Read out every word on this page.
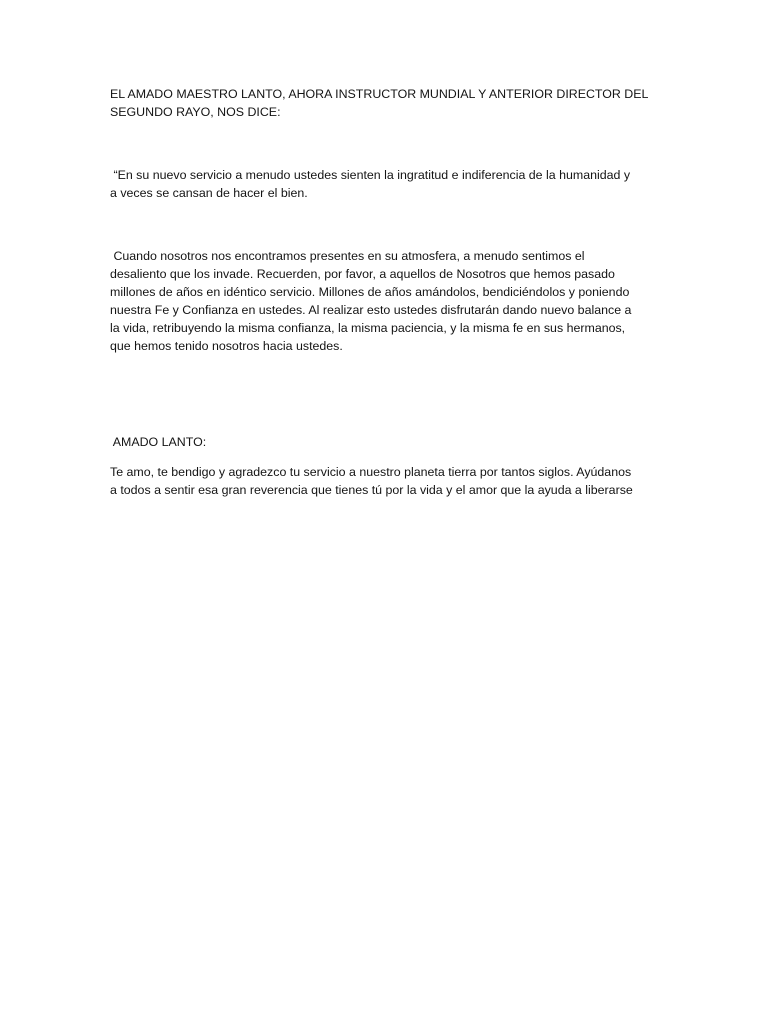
EL AMADO MAESTRO LANTO, AHORA INSTRUCTOR MUNDIAL Y ANTERIOR DIRECTOR DEL
SEGUNDO RAYO, NOS DICE:

“En su nuevo servicio a menudo ustedes sienten la ingratitud e indiferencia de la humanidad y
a veces se cansan de hacer el bien.

Cuando nosotros nos encontramos presentes en su atmosfera, a menudo sentimos el
desaliento que los invade. Recuerden, por favor, a aquellos de Nosotros que hemos pasado
millones de años en idéntico servicio. Millones de años amándolos, bendiciéndolos y poniendo
nuestra Fe y Confianza en ustedes. Al realizar esto ustedes disfrutarán dando nuevo balance a
la vida, retribuyendo la misma confianza, la misma paciencia, y la misma fe en sus hermanos,
que hemos tenido nosotros hacia ustedes.

AMADO LANTO:

Te amo, te bendigo y agradezco tu servicio a nuestro planeta tierra por tantos siglos. Ayúdanos
a todos a sentir esa gran reverencia que tienes tú por la vida y el amor que la ayuda a liberarse
